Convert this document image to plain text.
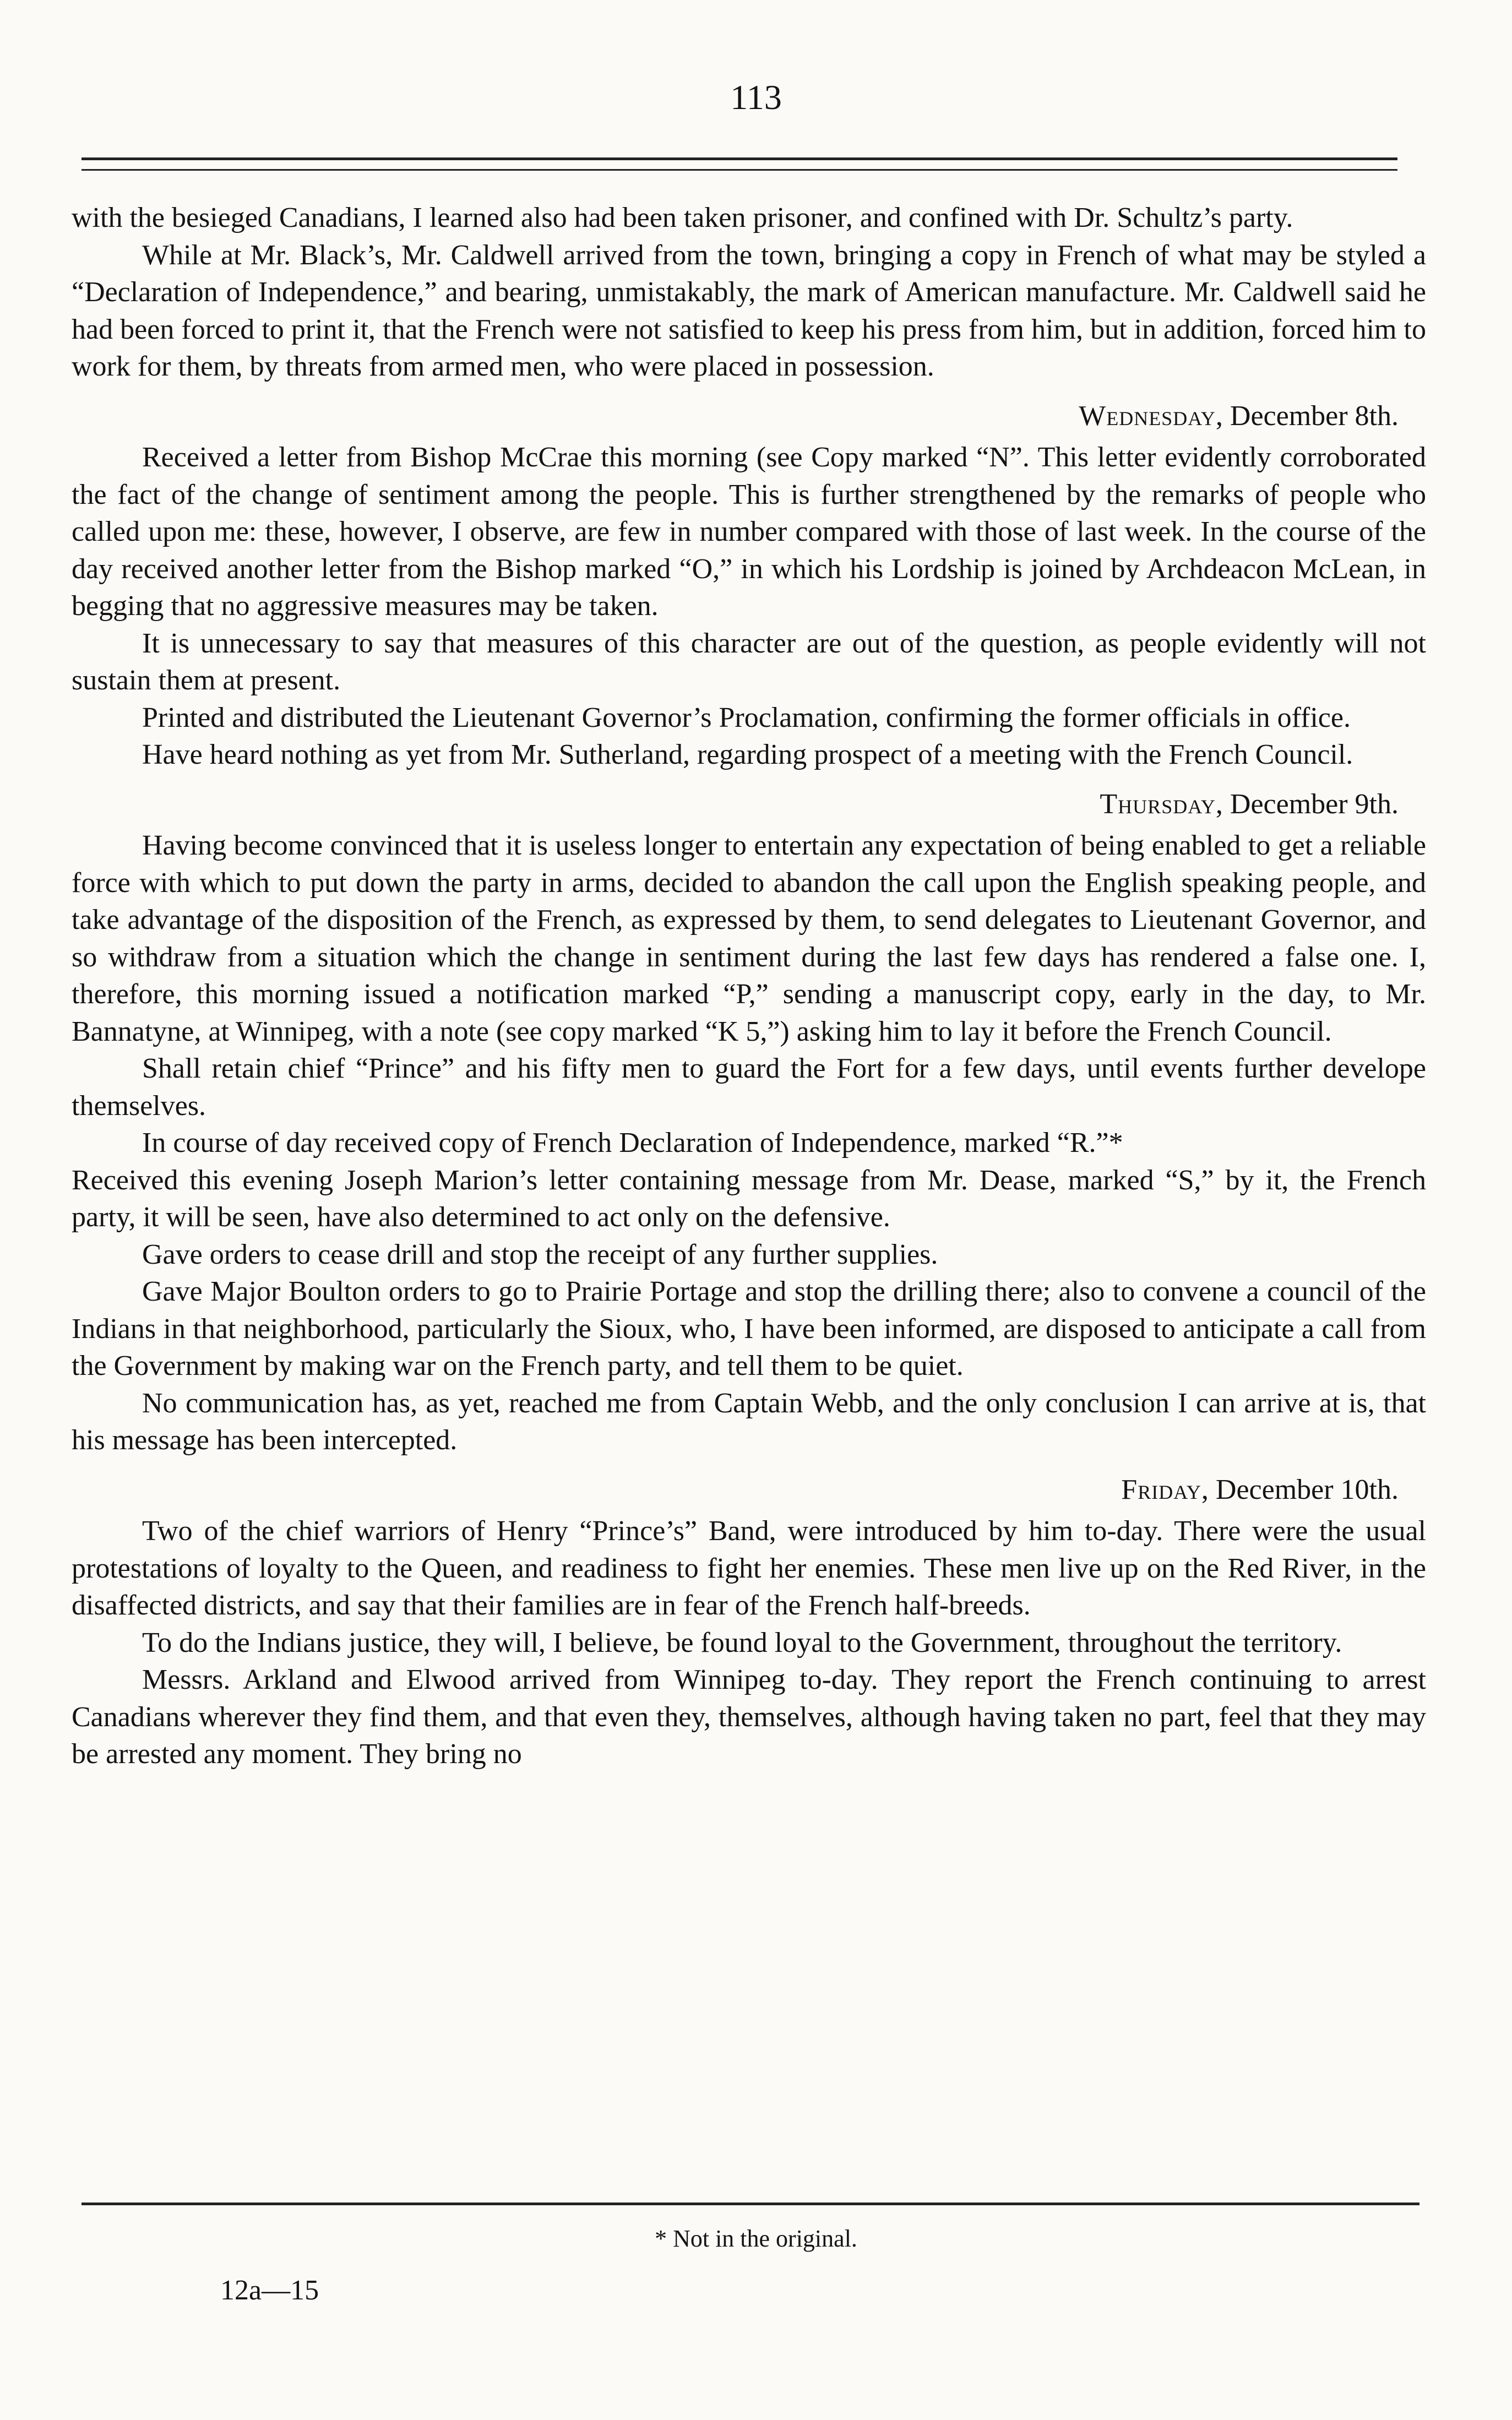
113

with the besieged Canadians, I learned also had been taken prisoner, and confined with Dr. Schultz’s party.

While at Mr. Black’s, Mr. Caldwell arrived from the town, bringing a copy in French of what may be styled a “Declaration of Independence,” and bearing, unmistakably, the mark of American manufacture. Mr. Caldwell said he had been forced to print it, that the French were not satisfied to keep his press from him, but in addition, forced him to work for them, by threats from armed men, who were placed in possession.

Wednesday, December 8th.

Received a letter from Bishop McCrae this morning (see Copy marked “N”. This letter evidently corroborated the fact of the change of sentiment among the people. This is further strengthened by the remarks of people who called upon me: these, however, I observe, are few in number compared with those of last week. In the course of the day received another letter from the Bishop marked “O,” in which his Lordship is joined by Archdeacon McLean, in begging that no aggressive measures may be taken.

It is unnecessary to say that measures of this character are out of the question, as people evidently will not sustain them at present.

Printed and distributed the Lieutenant Governor’s Proclamation, confirming the former officials in office.

Have heard nothing as yet from Mr. Sutherland, regarding prospect of a meeting with the French Council.

Thursday, December 9th.

Having become convinced that it is useless longer to entertain any expectation of being enabled to get a reliable force with which to put down the party in arms, decided to abandon the call upon the English speaking people, and take advantage of the disposition of the French, as expressed by them, to send delegates to Lieutenant Governor, and so withdraw from a situation which the change in sentiment during the last few days has rendered a false one. I, therefore, this morning issued a notification marked “P,” sending a manuscript copy, early in the day, to Mr. Bannatyne, at Winnipeg, with a note (see copy marked “K 5,”) asking him to lay it before the French Council.

Shall retain chief “Prince” and his fifty men to guard the Fort for a few days, until events further develope themselves.

In course of day received copy of French Declaration of Independence, marked “R.”*

Received this evening Joseph Marion’s letter containing message from Mr. Dease, marked “S,” by it, the French party, it will be seen, have also determined to act only on the defensive.

Gave orders to cease drill and stop the receipt of any further supplies.

Gave Major Boulton orders to go to Prairie Portage and stop the drilling there; also to convene a council of the Indians in that neighborhood, particularly the Sioux, who, I have been informed, are disposed to anticipate a call from the Government by making war on the French party, and tell them to be quiet.

No communication has, as yet, reached me from Captain Webb, and the only conclusion I can arrive at is, that his message has been intercepted.

Friday, December 10th.

Two of the chief warriors of Henry “Prince’s” Band, were introduced by him to-day. There were the usual protestations of loyalty to the Queen, and readiness to fight her enemies. These men live up on the Red River, in the disaffected districts, and say that their families are in fear of the French half-breeds.

To do the Indians justice, they will, I believe, be found loyal to the Government, throughout the territory.

Messrs. Arkland and Elwood arrived from Winnipeg to-day. They report the French continuing to arrest Canadians wherever they find them, and that even they, themselves, although having taken no part, feel that they may be arrested any moment. They bring no

* Not in the original.
12a—15
